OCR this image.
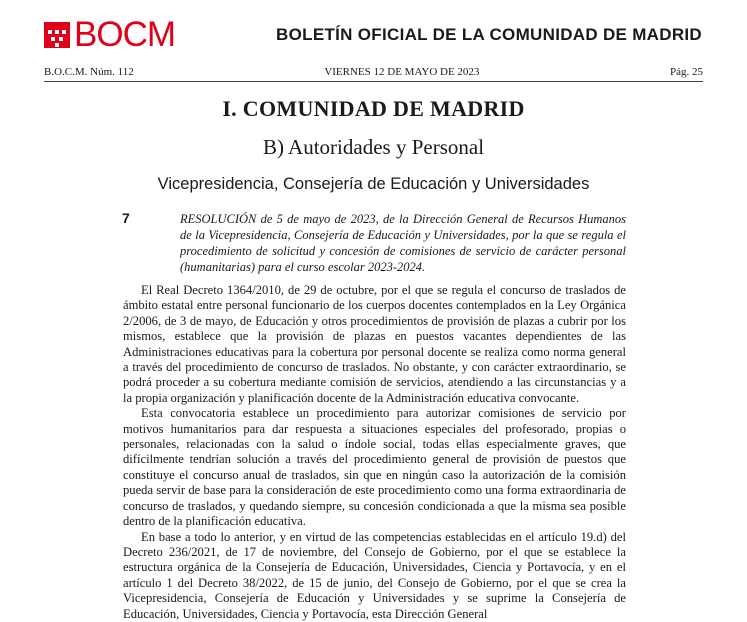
BOCM	BOLETÍN OFICIAL DE LA COMUNIDAD DE MADRID
B.O.C.M. Núm. 112	VIERNES 12 DE MAYO DE 2023	Pág. 25
I. COMUNIDAD DE MADRID
B) Autoridades y Personal
Vicepresidencia, Consejería de Educación y Universidades
7	RESOLUCIÓN de 5 de mayo de 2023, de la Dirección General de Recursos Humanos de la Vicepresidencia, Consejería de Educación y Universidades, por la que se regula el procedimiento de solicitud y concesión de comisiones de servicio de carácter personal (humanitarias) para el curso escolar 2023-2024.

El Real Decreto 1364/2010, de 29 de octubre, por el que se regula el concurso de traslados de ámbito estatal entre personal funcionario de los cuerpos docentes contemplados en la Ley Orgánica 2/2006, de 3 de mayo, de Educación y otros procedimientos de provisión de plazas a cubrir por los mismos, establece que la provisión de plazas en puestos vacantes dependientes de las Administraciones educativas para la cobertura por personal docente se realiza como norma general a través del procedimiento de concurso de traslados. No obstante, y con carácter extraordinario, se podrá proceder a su cobertura mediante comisión de servicios, atendiendo a las circunstancias y a la propia organización y planificación docente de la Administración educativa convocante.

Esta convocatoria establece un procedimiento para autorizar comisiones de servicio por motivos humanitarios para dar respuesta a situaciones especiales del profesorado, propias o personales, relacionadas con la salud o índole social, todas ellas especialmente graves, que difícilmente tendrían solución a través del procedimiento general de provisión de puestos que constituye el concurso anual de traslados, sin que en ningún caso la autorización de la comisión pueda servir de base para la consideración de este procedimiento como una forma extraordinaria de concurso de traslados, y quedando siempre, su concesión condicionada a que la misma sea posible dentro de la planificación educativa.

En base a todo lo anterior, y en virtud de las competencias establecidas en el artículo 19.d) del Decreto 236/2021, de 17 de noviembre, del Consejo de Gobierno, por el que se establece la estructura orgánica de la Consejería de Educación, Universidades, Ciencia y Portavocía, y en el artículo 1 del Decreto 38/2022, de 15 de junio, del Consejo de Gobierno, por el que se crea la Vicepresidencia, Consejería de Educación y Universidades y se suprime la Consejería de Educación, Universidades, Ciencia y Portavocía, esta Dirección General
